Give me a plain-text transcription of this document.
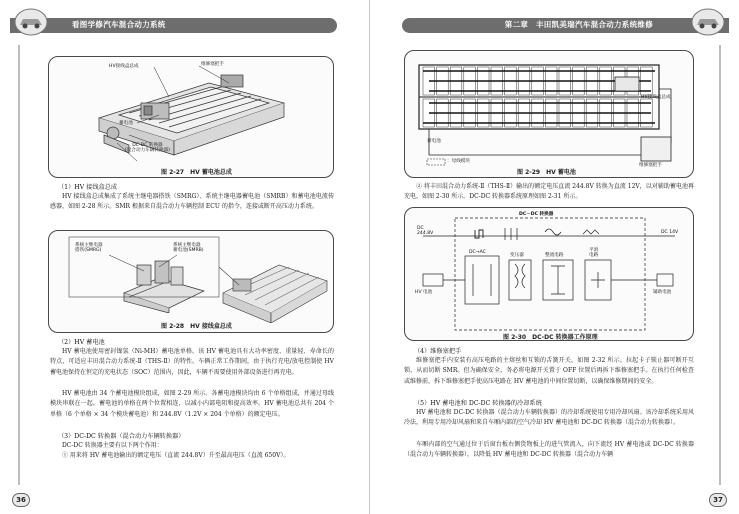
看图学修汽车混合动力系统
HV接线盒总成	维修塞把手
蓄电池
DC-DC 转换器
(混合动力车辆转换器)
图 2-27　HV 蓄电池总成
（1）HV 接线盒总成
HV 接线盒总成集成了系统主继电器搭铁（SMRG）、系统主继电器蓄电池（SMRB）和蓄电池电流传感器，如图 2-28 所示。SMR 根据来自混合动力车辆控制 ECU 的指令，连接或断开高压动力系统。
系统主继电器
搭铁(SMRG)
系统主继电器
蓄电池(SMRB)
图 2-28　HV 接线盒总成
（2）HV 蓄电池
HV 蓄电池使用密封镍氢（Ni-MH）蓄电池单格。该 HV 蓄电池具有大功率密度、重量轻、寿命长的特点，可适应丰田混合动力系统-Ⅱ（THS-Ⅱ）的特性。车辆正常工作期间，由于执行充电/放电控制使 HV 蓄电池保持在恒定的充电状态（SOC）范围内，因此，车辆不需要使用外部设备进行再充电。
HV 蓄电池由 34 个蓄电池模块组成，如图 2-29 所示。各蓄电池模块均由 6 个单格组成，并通过母线模块串联在一起。蓄电池的单格在两个位置相连，以减小内部电阻和提高效率。HV 蓄电池总共有 204 个单格（6 个单格 × 34 个模块蓄电池）和 244.8V（1.2V × 204 个单格）的额定电压。
（3）DC-DC 转换器（混合动力车辆转换器）
DC-DC 转换器主要有以下两个作用：
① 用来将 HV 蓄电池输出的额定电压（直流 244.8V）升至最高电压（直流 650V）。
36
第二章　丰田凯美瑞汽车混合动力系统维修
HV接线盒总成
蓄电池
维修塞把手
：母线模块
图 2-29　HV 蓄电池
② 将丰田混合动力系统-Ⅱ（THS-Ⅱ）输出的额定电压直流 244.8V 转换为直流 12V，以对辅助蓄电池再充电，如图 2-30 所示。DC-DC 转换器系统原理如图 2-31 所示。
DC－DC 转换器
DC
244.8V	DC 14V
DC→AC
变压器	整流电路
平滑
电路
HV 电池	辅助电池
图 2-30　DC-DC 转换器工作原理
（4）维修塞把手
维修塞把手内安装有高压电路的主熔丝和互锁的舌簧开关，如图 2-32 所示。拉起卡子锁止器可断开互锁，从而切断 SMR。但为确保安全，务必将电源开关置于 OFF 位置后再拆下维修塞把手。在执行任何检查或维修前，拆下维修塞把手使高压电路在 HV 蓄电池的中间位置切断，以确保维修期间的安全。
（5）HV 蓄电池和 DC-DC 转换器的冷却系统
HV 蓄电池和 DC-DC 转换器（混合动力车辆转换器）的冷却系统使用专用冷却风扇。该冷却系统采用风冷法，利用专用冷却风扇和来自车厢内部的空气冷却 HV 蓄电池和 DC-DC 转换器（混合动力转换器）。
车厢内部的空气通过位于后窗台板右侧货物板上的进气管流入，向下流经 HV 蓄电池或 DC-DC 转换器（混合动力车辆转换器），以降低 HV 蓄电池和 DC-DC 转换器（混合动力车辆
37
